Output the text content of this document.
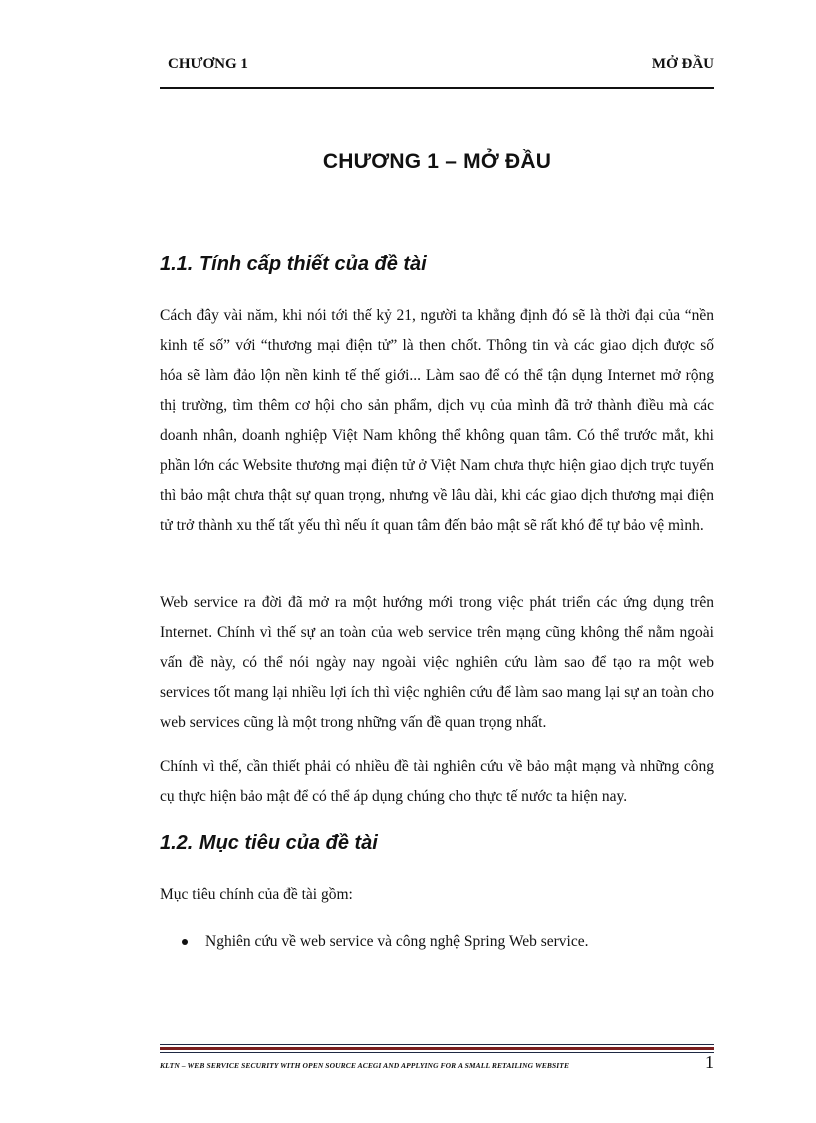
CHƯƠNG 1	MỞ ĐẦU
CHƯƠNG 1 – MỞ ĐẦU
1.1. Tính cấp thiết của đề tài

Cách đây vài năm, khi nói tới thế kỷ 21, người ta khẳng định đó sẽ là thời đại của “nền kinh tế số” với “thương mại điện tử” là then chốt. Thông tin và các giao dịch được số hóa sẽ làm đảo lộn nền kinh tế thế giới... Làm sao để có thể tận dụng Internet mở rộng thị trường, tìm thêm cơ hội cho sản phẩm, dịch vụ của mình đã trở thành điều mà các doanh nhân, doanh nghiệp Việt Nam không thể không quan tâm. Có thể trước mắt, khi phần lớn các Website thương mại điện tử ở Việt Nam chưa thực hiện giao dịch trực tuyến thì bảo mật chưa thật sự quan trọng, nhưng về lâu dài, khi các giao dịch thương mại điện tử trở thành xu thế tất yếu thì nếu ít quan tâm đến bảo mật sẽ rất khó để tự bảo vệ mình.

Web service ra đời đã mở ra một hướng mới trong việc phát triển các ứng dụng trên Internet. Chính vì thế sự an toàn của web service trên mạng cũng không thể nằm ngoài vấn đề này, có thể nói ngày nay ngoài việc nghiên cứu làm sao để tạo ra một web services tốt mang lại nhiều lợi ích thì việc nghiên cứu để làm sao mang lại sự an toàn cho web services cũng là một trong những vấn đề quan trọng nhất.

Chính vì thế, cần thiết phải có nhiều đề tài nghiên cứu về bảo mật mạng và những công cụ thực hiện bảo mật để có thể áp dụng chúng cho thực tế nước ta hiện nay.

1.2. Mục tiêu của đề tài

Mục tiêu chính của đề tài gồm:

Nghiên cứu về web service và công nghệ Spring Web service.
KLTN – WEB SERVICE SECURITY WITH OPEN SOURCE ACEGI AND APPLYING FOR A SMALL RETAILING WEBSITE	1
